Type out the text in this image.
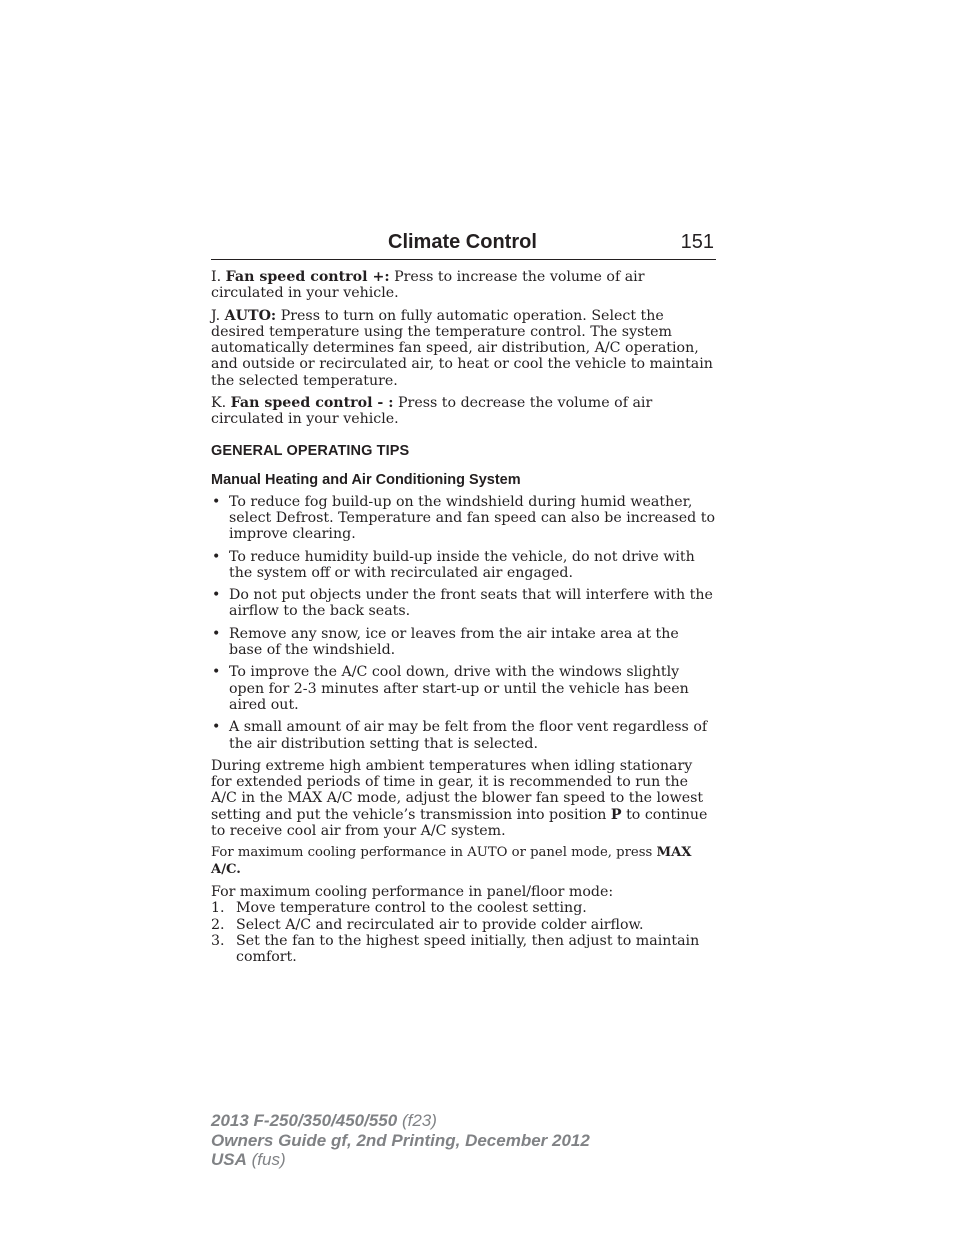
Climate Control	151

I. Fan speed control +: Press to increase the volume of air circulated in your vehicle.

J. AUTO: Press to turn on fully automatic operation. Select the desired temperature using the temperature control. The system automatically determines fan speed, air distribution, A/C operation, and outside or recirculated air, to heat or cool the vehicle to maintain the selected temperature.

K. Fan speed control - : Press to decrease the volume of air circulated in your vehicle.

GENERAL OPERATING TIPS
Manual Heating and Air Conditioning System
• To reduce fog build-up on the windshield during humid weather, select Defrost. Temperature and fan speed can also be increased to improve clearing.
• To reduce humidity build-up inside the vehicle, do not drive with the system off or with recirculated air engaged.
• Do not put objects under the front seats that will interfere with the airflow to the back seats.
• Remove any snow, ice or leaves from the air intake area at the base of the windshield.
• To improve the A/C cool down, drive with the windows slightly open for 2-3 minutes after start-up or until the vehicle has been aired out.
• A small amount of air may be felt from the floor vent regardless of the air distribution setting that is selected.

During extreme high ambient temperatures when idling stationary for extended periods of time in gear, it is recommended to run the A/C in the MAX A/C mode, adjust the blower fan speed to the lowest setting and put the vehicle’s transmission into position P to continue to receive cool air from your A/C system.

For maximum cooling performance in AUTO or panel mode, press MAX A/C.

For maximum cooling performance in panel/floor mode:

1. Move temperature control to the coolest setting.
2. Select A/C and recirculated air to provide colder airflow.
3. Set the fan to the highest speed initially, then adjust to maintain comfort.
2013 F-250/350/450/550 (f23)
Owners Guide gf, 2nd Printing, December 2012
USA (fus)
